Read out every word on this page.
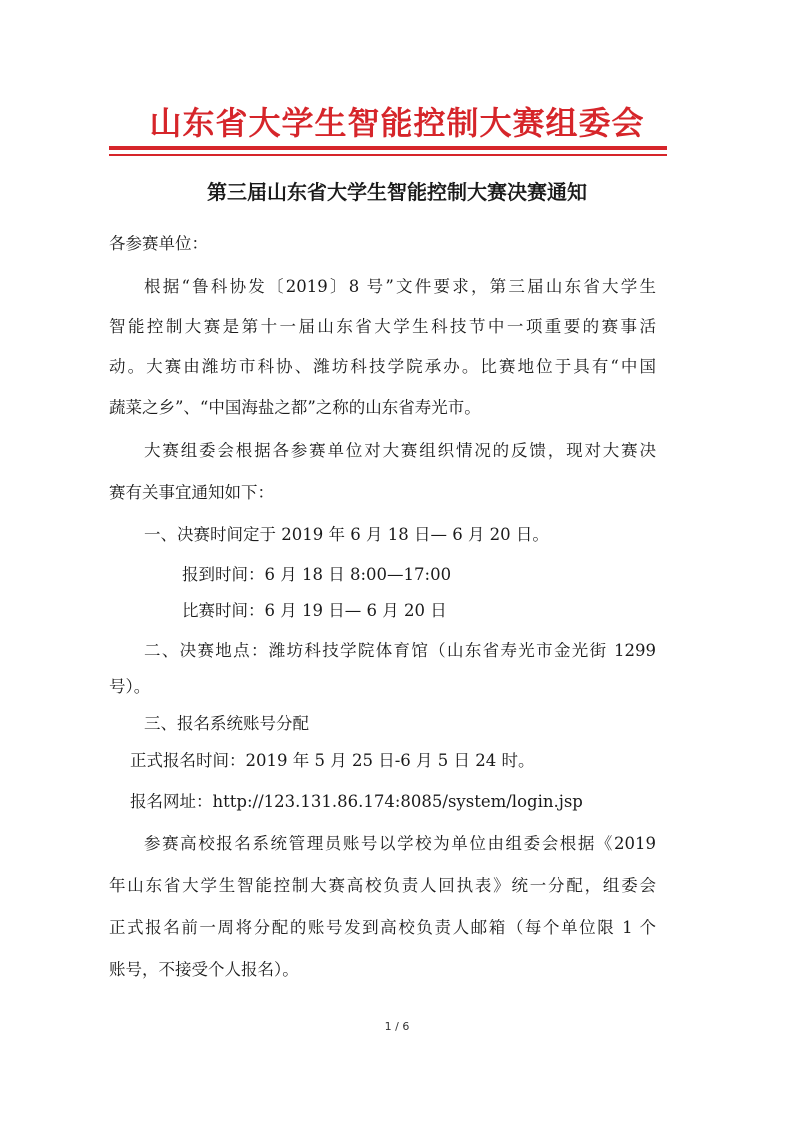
山东省大学生智能控制大赛组委会
第三届山东省大学生智能控制大赛决赛通知
各参赛单位：
根据“鲁科协发〔2019〕8 号”文件要求，第三届山东省大学生
智能控制大赛是第十一届山东省大学生科技节中一项重要的赛事活
动。大赛由潍坊市科协、潍坊科技学院承办。比赛地位于具有“中国
蔬菜之乡”、“中国海盐之都”之称的山东省寿光市。
大赛组委会根据各参赛单位对大赛组织情况的反馈，现对大赛决
赛有关事宜通知如下：
一、决赛时间定于 2019 年 6 月 18 日— 6 月 20 日。
报到时间：6 月 18 日 8:00—17:00
比赛时间：6 月 19 日— 6 月 20 日
二、决赛地点：潍坊科技学院体育馆（山东省寿光市金光街 1299
号）。
三、报名系统账号分配
正式报名时间：2019 年 5 月 25 日-6 月 5 日 24 时。
报名网址：http://123.131.86.174:8085/system/login.jsp
参赛高校报名系统管理员账号以学校为单位由组委会根据《2019
年山东省大学生智能控制大赛高校负责人回执表》统一分配，组委会
正式报名前一周将分配的账号发到高校负责人邮箱（每个单位限 1 个
账号，不接受个人报名）。
1 / 6
